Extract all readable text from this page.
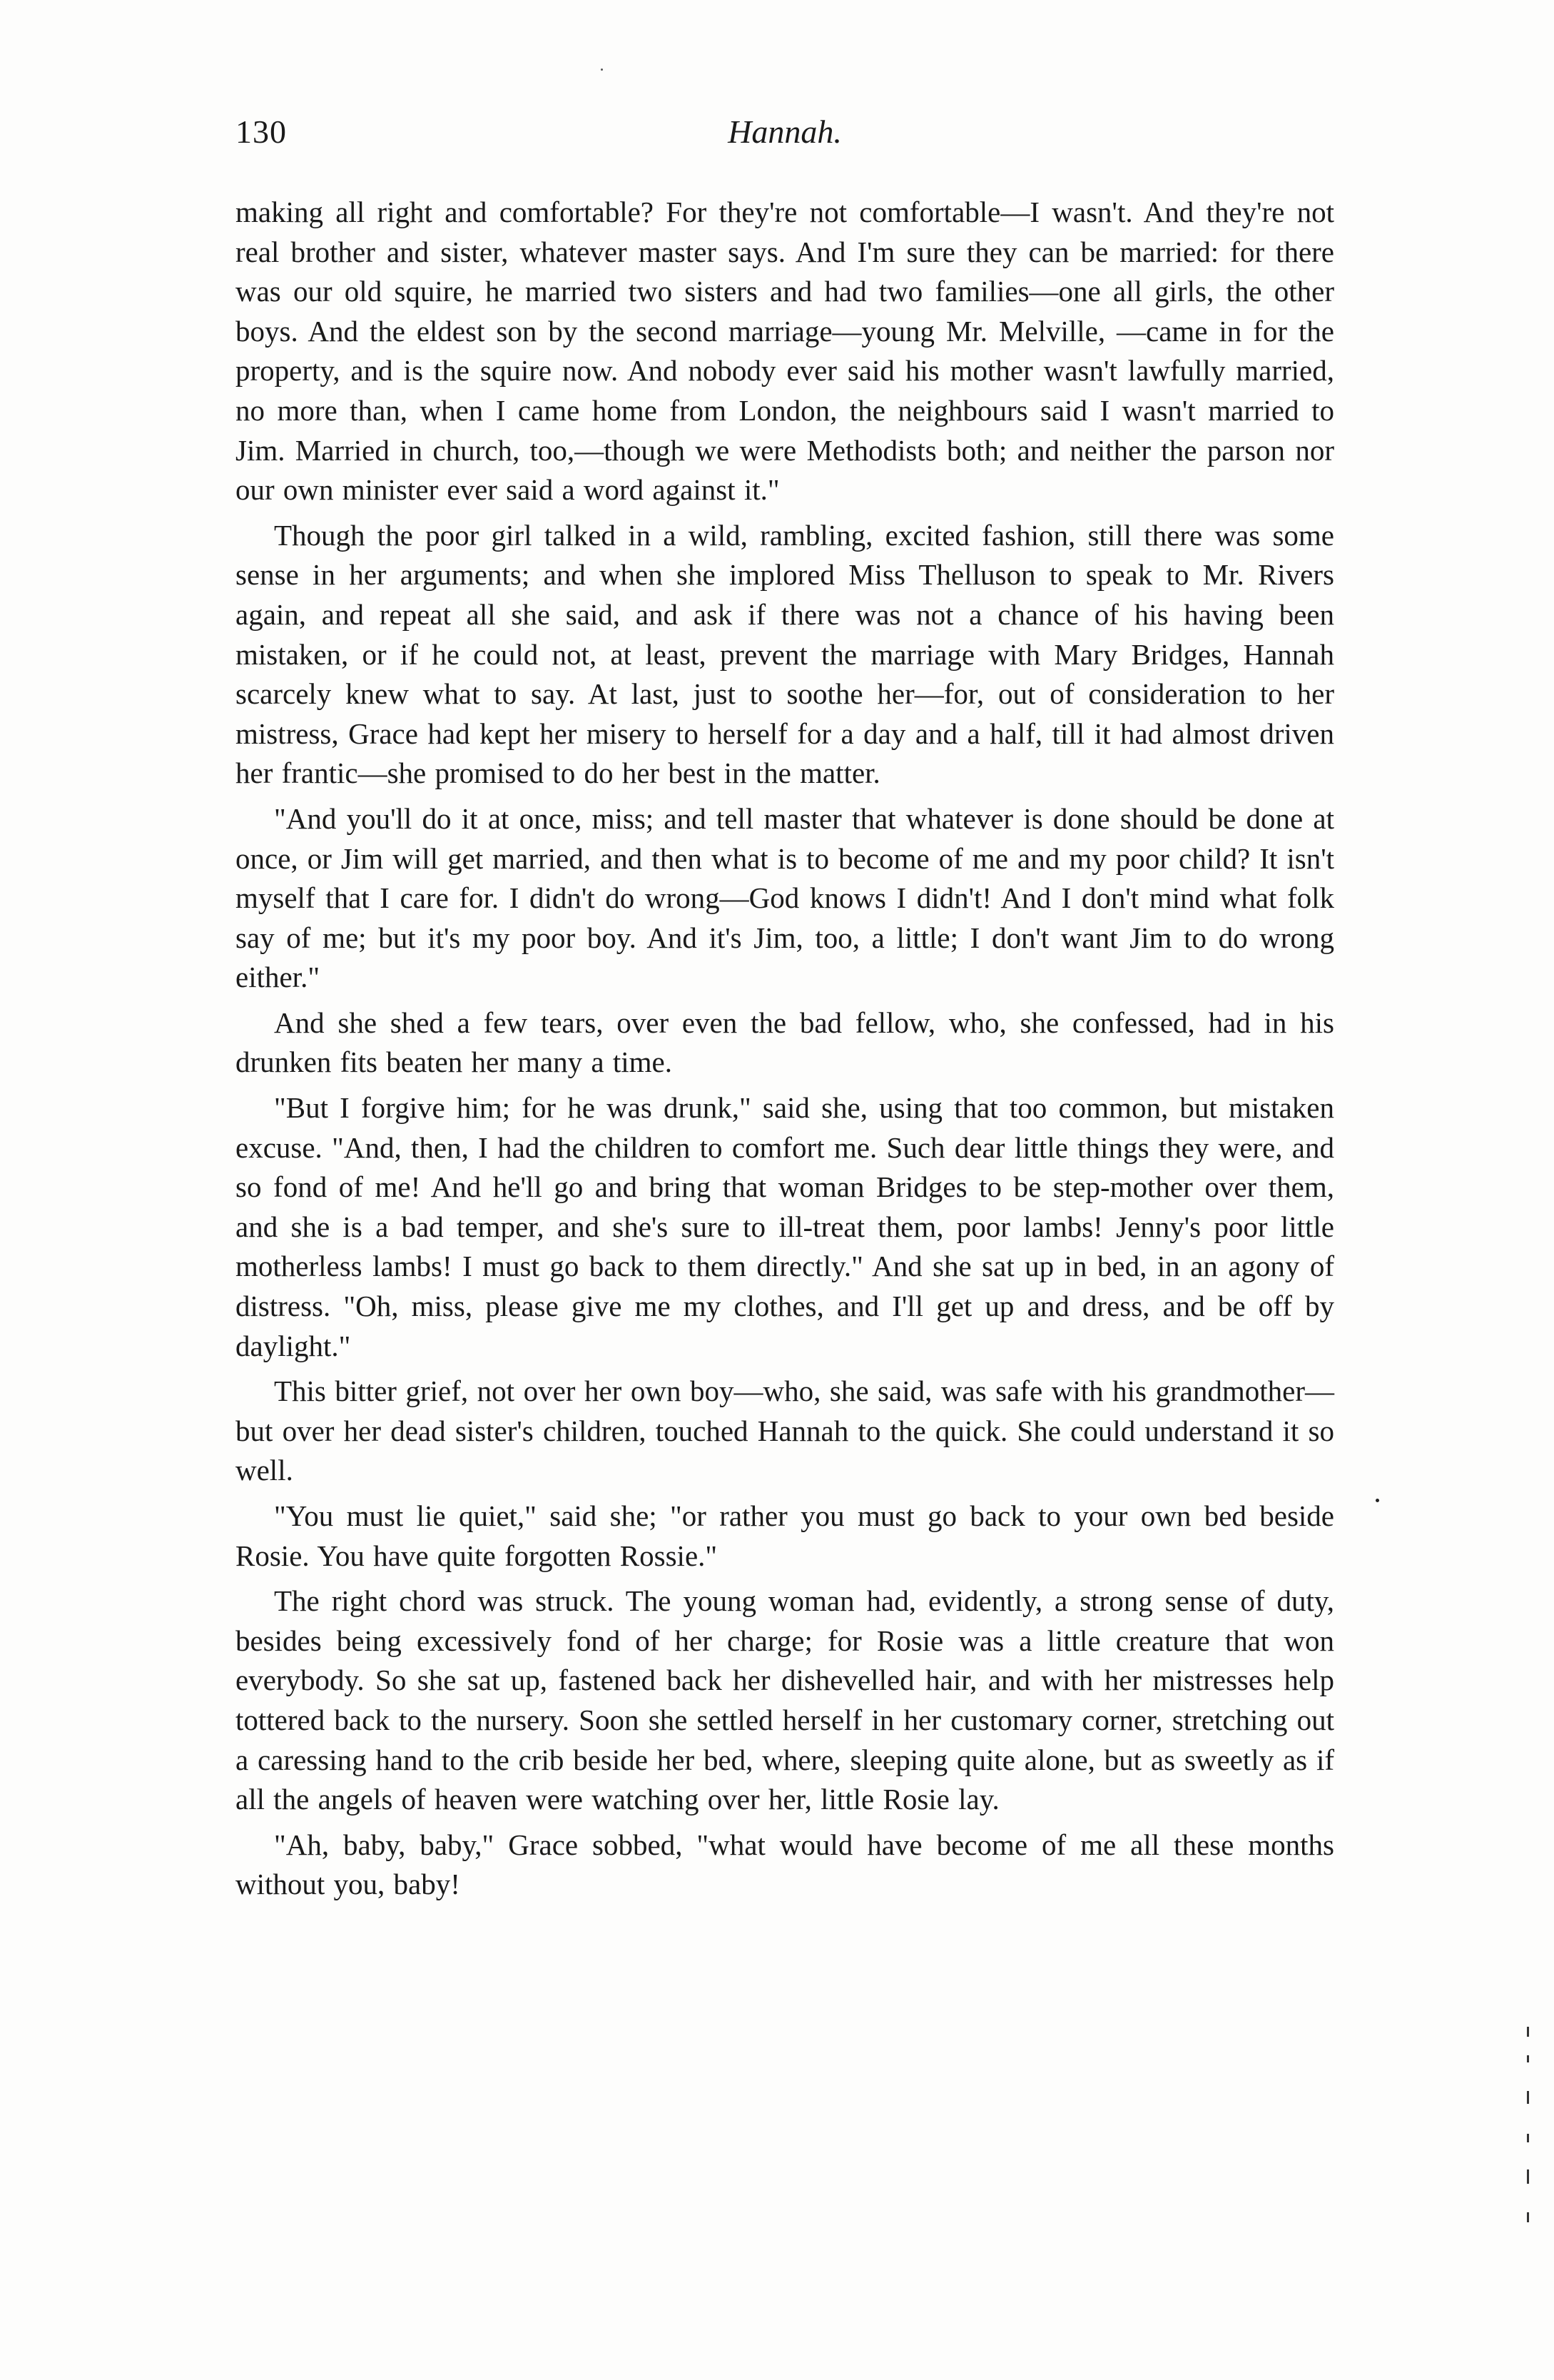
130	Hannah.

making all right and comfortable? For they're not comfortable—I wasn't. And they're not real brother and sister, whatever master says. And I'm sure they can be married: for there was our old squire, he married two sisters and had two families—one all girls, the other boys. And the eldest son by the second marriage—young Mr. Melville, —came in for the property, and is the squire now. And nobody ever said his mother wasn't lawfully married, no more than, when I came home from London, the neighbours said I wasn't married to Jim. Married in church, too,—though we were Methodists both; and neither the parson nor our own minister ever said a word against it."

Though the poor girl talked in a wild, rambling, excited fashion, still there was some sense in her arguments; and when she implored Miss Thelluson to speak to Mr. Rivers again, and repeat all she said, and ask if there was not a chance of his having been mistaken, or if he could not, at least, prevent the marriage with Mary Bridges, Hannah scarcely knew what to say. At last, just to soothe her—for, out of consideration to her mistress, Grace had kept her misery to herself for a day and a half, till it had almost driven her frantic—she promised to do her best in the matter.

"And you'll do it at once, miss; and tell master that whatever is done should be done at once, or Jim will get married, and then what is to become of me and my poor child? It isn't myself that I care for. I didn't do wrong—God knows I didn't! And I don't mind what folk say of me; but it's my poor boy. And it's Jim, too, a little; I don't want Jim to do wrong either."

And she shed a few tears, over even the bad fellow, who, she confessed, had in his drunken fits beaten her many a time.

"But I forgive him; for he was drunk," said she, using that too common, but mistaken excuse. "And, then, I had the children to comfort me. Such dear little things they were, and so fond of me! And he'll go and bring that woman Bridges to be step-mother over them, and she is a bad temper, and she's sure to ill-treat them, poor lambs! Jenny's poor little motherless lambs! I must go back to them directly." And she sat up in bed, in an agony of distress. "Oh, miss, please give me my clothes, and I'll get up and dress, and be off by daylight."

This bitter grief, not over her own boy—who, she said, was safe with his grandmother—but over her dead sister's children, touched Hannah to the quick. She could understand it so well.

"You must lie quiet," said she; "or rather you must go back to your own bed beside Rosie. You have quite forgotten Rossie."

The right chord was struck. The young woman had, evidently, a strong sense of duty, besides being excessively fond of her charge; for Rosie was a little creature that won everybody. So she sat up, fastened back her dishevelled hair, and with her mistresses help tottered back to the nursery. Soon she settled herself in her customary corner, stretching out a caressing hand to the crib beside her bed, where, sleeping quite alone, but as sweetly as if all the angels of heaven were watching over her, little Rosie lay.

"Ah, baby, baby," Grace sobbed, "what would have become of me all these months without you, baby!
